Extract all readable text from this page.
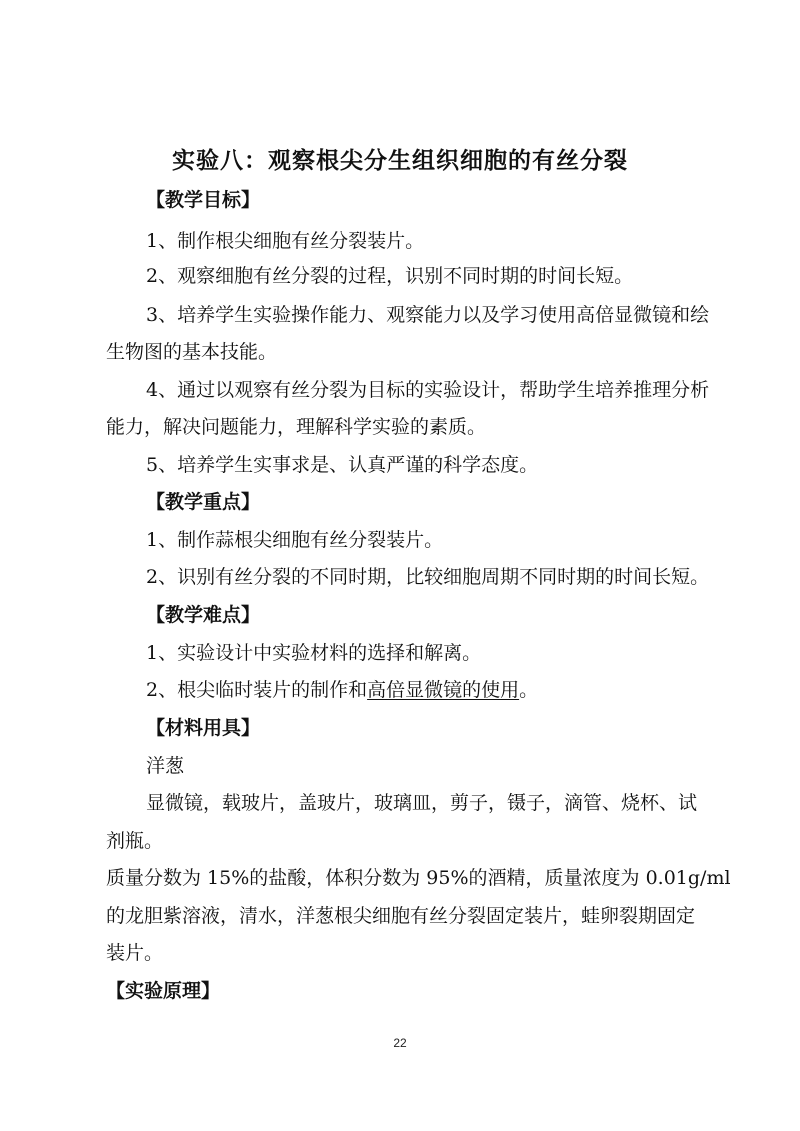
实验八：观察根尖分生组织细胞的有丝分裂
【教学目标】
1、制作根尖细胞有丝分裂装片。
2、观察细胞有丝分裂的过程，识别不同时期的时间长短。
3、培养学生实验操作能力、观察能力以及学习使用高倍显微镜和绘
生物图的基本技能。
4、通过以观察有丝分裂为目标的实验设计，帮助学生培养推理分析
能力，解决问题能力，理解科学实验的素质。
5、培养学生实事求是、认真严谨的科学态度。
【教学重点】
1、制作蒜根尖细胞有丝分裂装片。
2、识别有丝分裂的不同时期，比较细胞周期不同时期的时间长短。
【教学难点】
1、实验设计中实验材料的选择和解离。
2、根尖临时装片的制作和高倍显微镜的使用。
【材料用具】
洋葱
显微镜，载玻片，盖玻片，玻璃皿，剪子，镊子，滴管、烧杯、试
剂瓶。
质量分数为 15%的盐酸，体积分数为 95%的酒精，质量浓度为 0.01g/ml
的龙胆紫溶液，清水，洋葱根尖细胞有丝分裂固定装片，蛙卵裂期固定
装片。
【实验原理】
22
